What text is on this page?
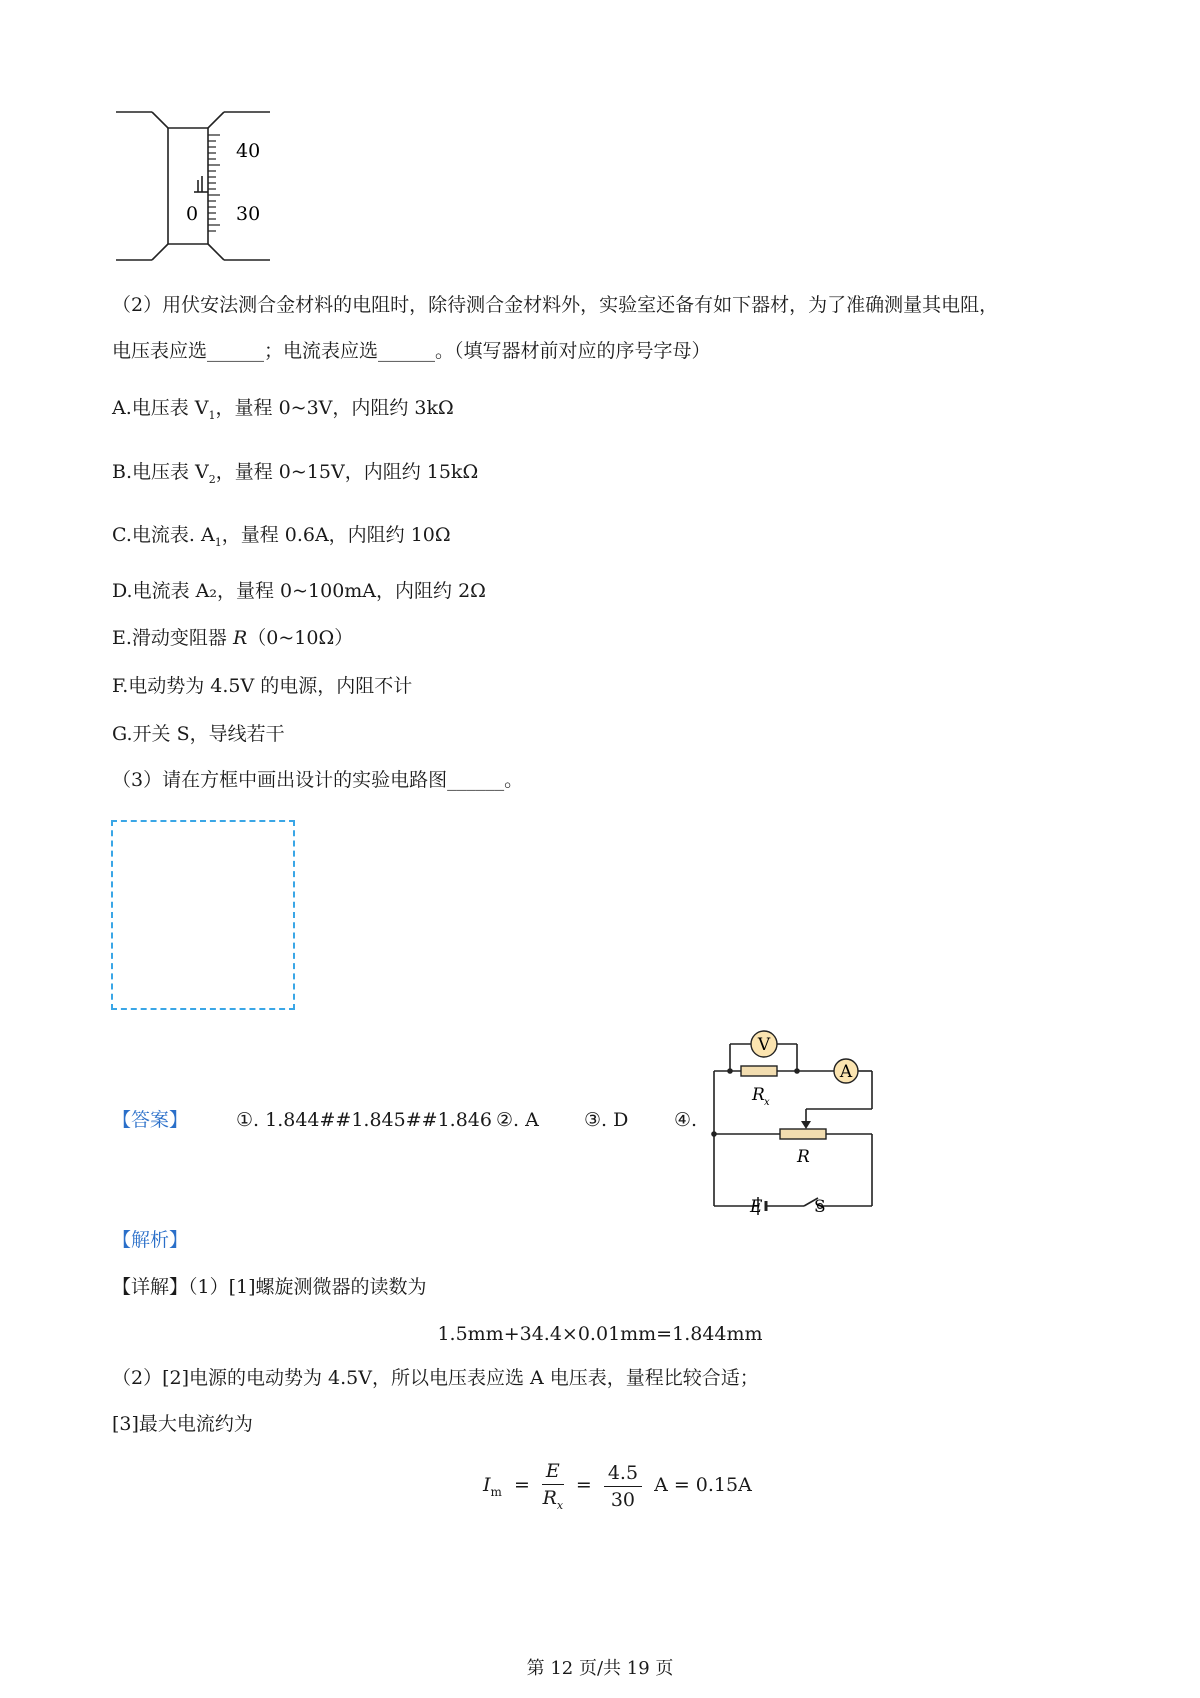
40
0 30
（2）用伏安法测合金材料的电阻时，除待测合金材料外，实验室还备有如下器材，为了准确测量其电阻，
电压表应选______；电流表应选______。（填写器材前对应的序号字母）
A.电压表 $V_1$，量程 0~3V，内阻约 3kΩ
B.电压表 $V_2$，量程 0~15V，内阻约 15kΩ
C.电流表. $A_1$，量程 0.6A，内阻约 10Ω
D.电流表 A₂，量程 0~100mA，内阻约 2Ω
E.滑动变阻器 R（0~10Ω）
F.电动势为 4.5V 的电源，内阻不计
G.开关 S，导线若干
（3）请在方框中画出设计的实验电路图______。
【答案】	①. 1.844##1.845##1.846 ②. A ③. D ④.
V
A
R x
R
E	S
【解析】
【详解】（1）[1]螺旋测微器的读数为
1.5mm+34.4×0.01mm=1.844mm
（2）[2]电源的电动势为 4.5V，所以电压表应选 A 电压表，量程比较合适；
[3]最大电流约为
$I_m = \frac{E}{R_x} = \frac{4.5}{30}$ A = 0.15A
第 12 页/共 19 页
